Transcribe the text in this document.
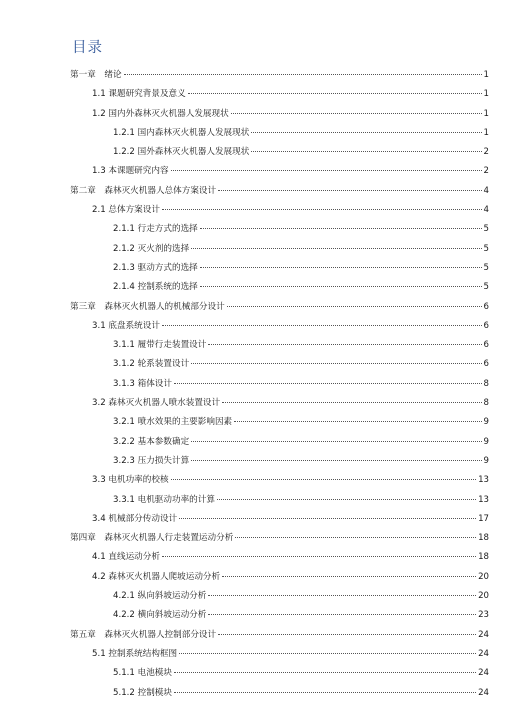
目录
第一章　绪论	1
1.1 课题研究背景及意义	1
1.2 国内外森林灭火机器人发展现状	1
1.2.1 国内森林灭火机器人发展现状	1
1.2.2 国外森林灭火机器人发展现状	2
1.3 本课题研究内容	2
第二章　森林灭火机器人总体方案设计	4
2.1 总体方案设计	4
2.1.1 行走方式的选择	5
2.1.2 灭火剂的选择	5
2.1.3 驱动方式的选择	5
2.1.4 控制系统的选择	5
第三章　森林灭火机器人的机械部分设计	6
3.1 底盘系统设计	6
3.1.1 履带行走装置设计	6
3.1.2 轮系装置设计	6
3.1.3 箱体设计	8
3.2 森林灭火机器人喷水装置设计	8
3.2.1 喷水效果的主要影响因素	9
3.2.2 基本参数确定	9
3.2.3 压力损失计算	9
3.3 电机功率的校核	13
3.3.1 电机驱动功率的计算	13
3.4 机械部分传动设计	17
第四章　森林灭火机器人行走装置运动分析	18
4.1 直线运动分析	18
4.2 森林灭火机器人爬坡运动分析	20
4.2.1 纵向斜坡运动分析	20
4.2.2 横向斜坡运动分析	23
第五章　森林灭火机器人控制部分设计	24
5.1 控制系统结构框图	24
5.1.1 电池模块	24
5.1.2 控制模块	24
